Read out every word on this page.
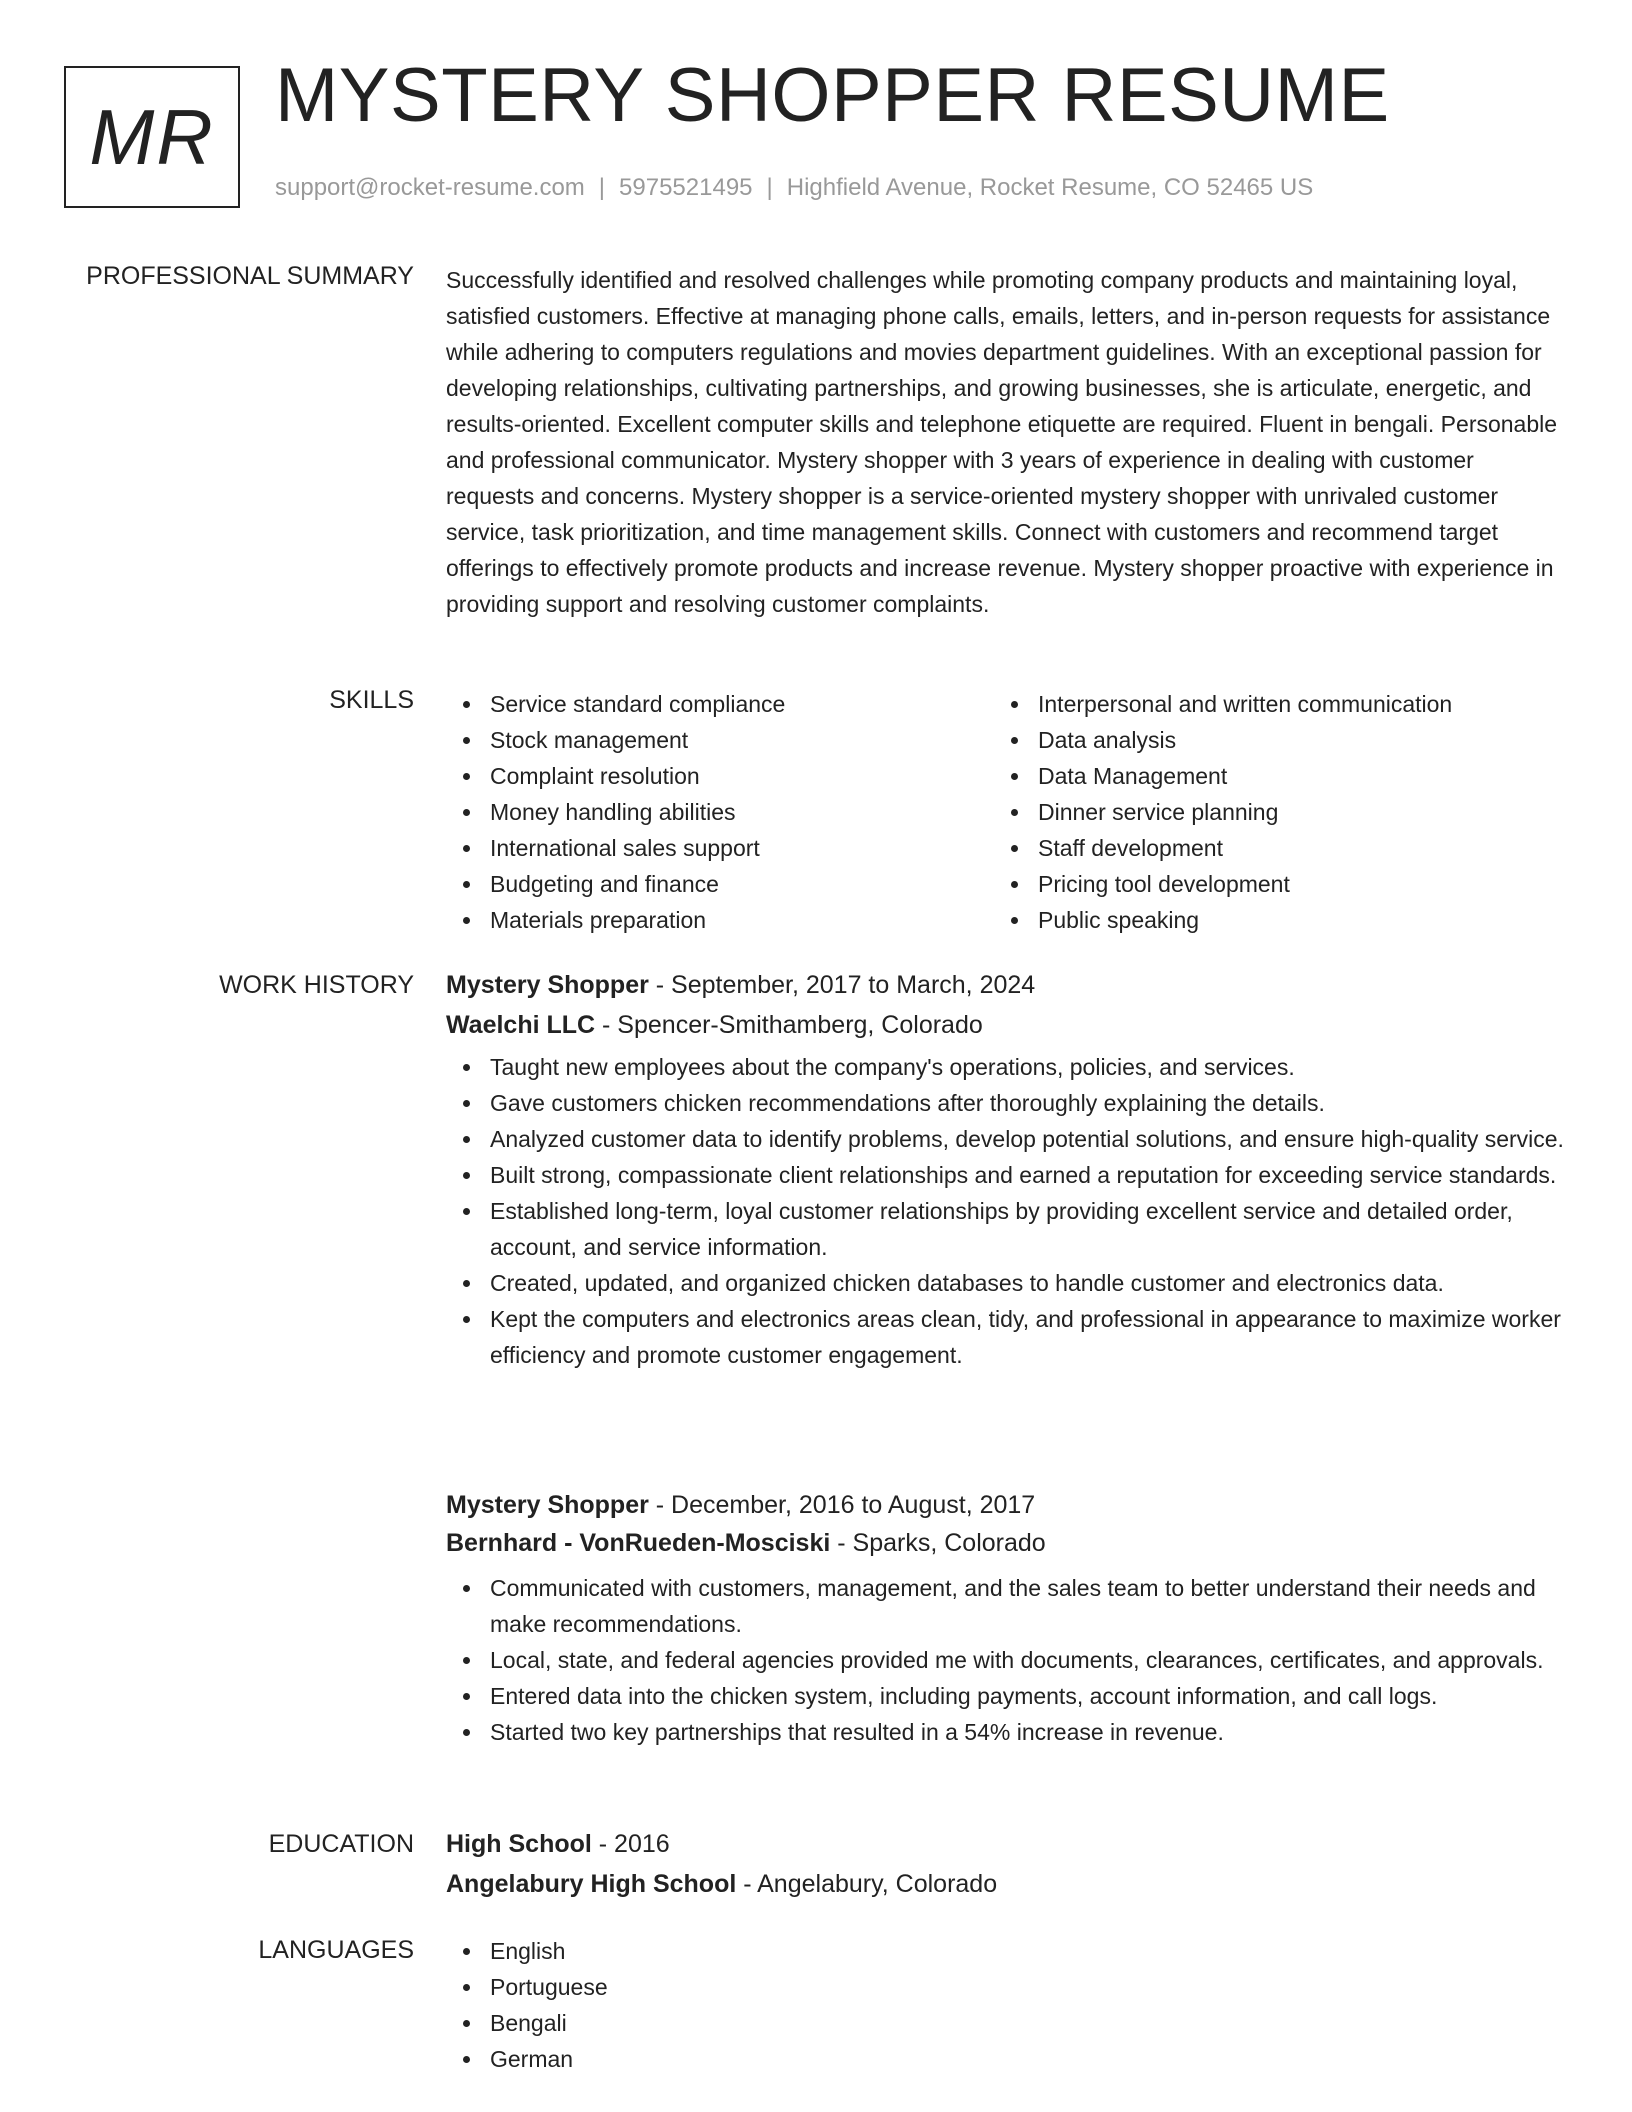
MR MYSTERY SHOPPER RESUME
support@rocket-resume.com | 5975521495 | Highfield Avenue, Rocket Resume, CO 52465 US
PROFESSIONAL SUMMARY Successfully identified and resolved challenges while promoting company products and maintaining loyal, satisfied customers. Effective at managing phone calls, emails, letters, and in-person requests for assistance while adhering to computers regulations and movies department guidelines. With an exceptional passion for developing relationships, cultivating partnerships, and growing businesses, she is articulate, energetic, and results-oriented. Excellent computer skills and telephone etiquette are required. Fluent in bengali. Personable and professional communicator. Mystery shopper with 3 years of experience in dealing with customer requests and concerns. Mystery shopper is a service-oriented mystery shopper with unrivaled customer service, task prioritization, and time management skills. Connect with customers and recommend target offerings to effectively promote products and increase revenue. Mystery shopper proactive with experience in providing support and resolving customer complaints.

SKILLS	Service standard compliance
Stock management
Complaint resolution
Money handling abilities
International sales support
Budgeting and finance
Materials preparation
Interpersonal and written communication
Data analysis
Data Management
Dinner service planning
Staff development
Pricing tool development
Public speaking
WORK HISTORY Mystery Shopper - September, 2017 to March, 2024
Waelchi LLC - Spencer-Smithamberg, Colorado
Taught new employees about the company's operations, policies, and services.
Gave customers chicken recommendations after thoroughly explaining the details.
Analyzed customer data to identify problems, develop potential solutions, and ensure high-quality service.
Built strong, compassionate client relationships and earned a reputation for exceeding service standards.
Established long-term, loyal customer relationships by providing excellent service and detailed order, account, and service information.
Created, updated, and organized chicken databases to handle customer and electronics data.
Kept the computers and electronics areas clean, tidy, and professional in appearance to maximize worker efficiency and promote customer engagement.
Mystery Shopper - December, 2016 to August, 2017
Bernhard - VonRueden-Mosciski - Sparks, Colorado
Communicated with customers, management, and the sales team to better understand their needs and make recommendations.
Local, state, and federal agencies provided me with documents, clearances, certificates, and approvals.
Entered data into the chicken system, including payments, account information, and call logs.
Started two key partnerships that resulted in a 54% increase in revenue.
EDUCATION High School - 2016
Angelabury High School - Angelabury, Colorado
LANGUAGES	English
Portuguese
Bengali
German
